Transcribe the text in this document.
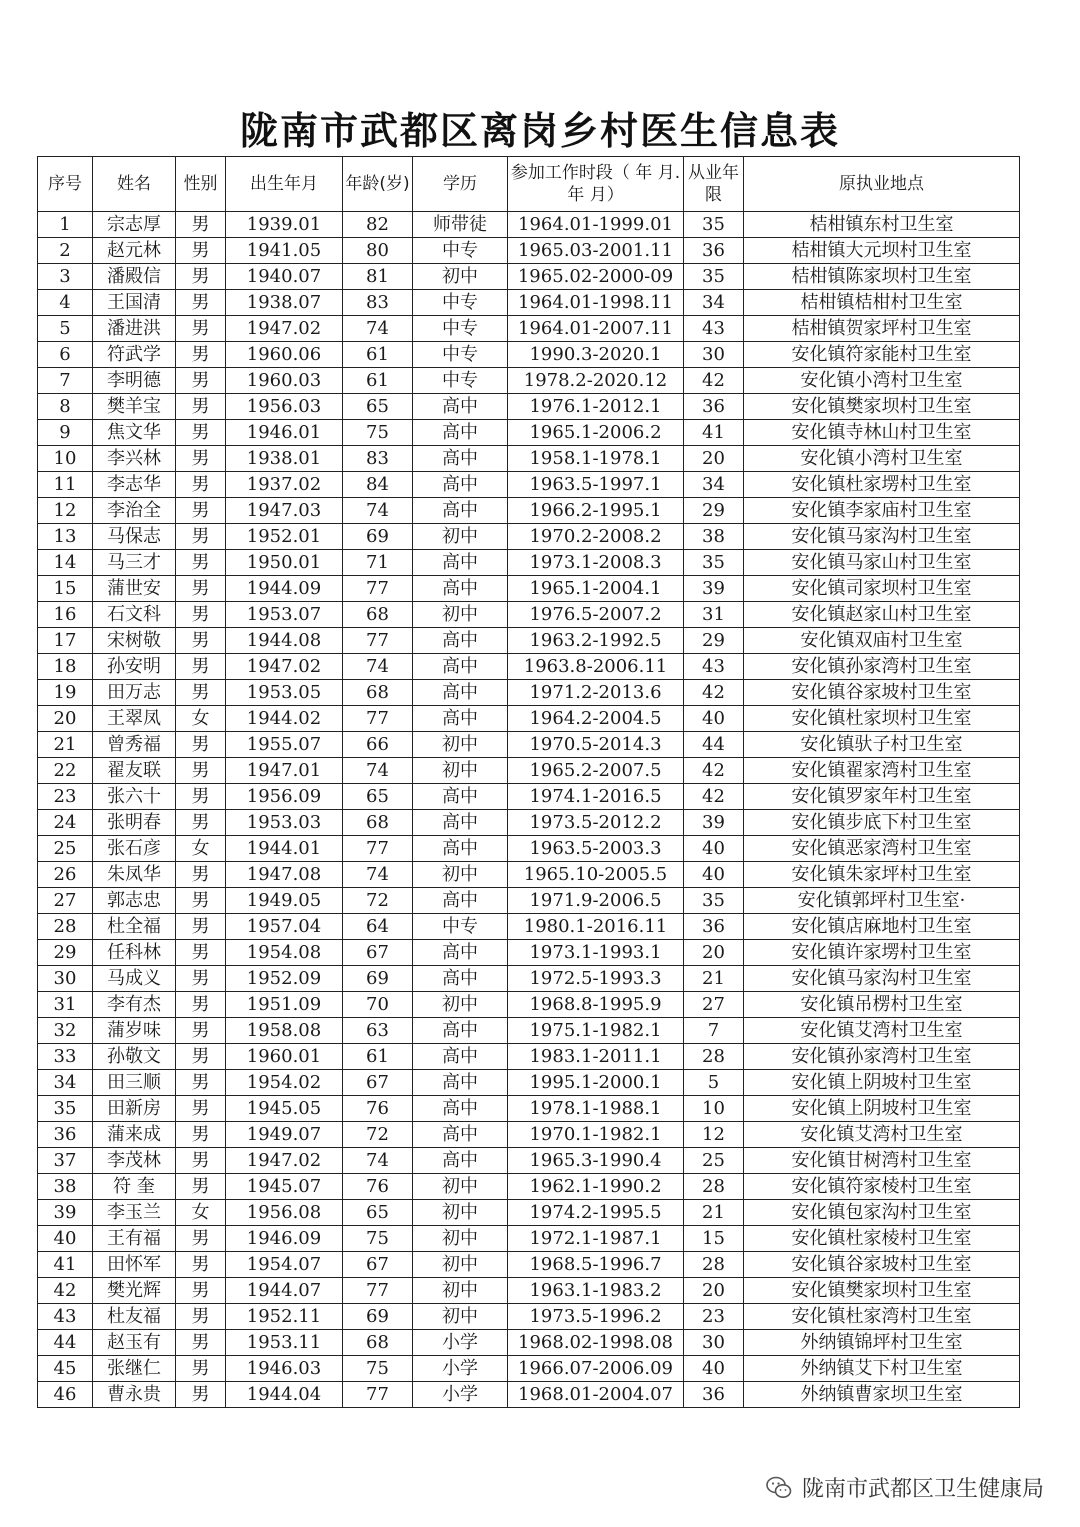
陇南市武都区离岗乡村医生信息表
序号	姓名	性别	出生年月	年龄(岁)	学历	参加工作时段（ 年 月.年 月）	从业年限	原执业地点
1	宗志厚	男	1939.01	82	师带徒	1964.01-1999.01	35	桔柑镇东村卫生室
2	赵元林	男	1941.05	80	中专	1965.03-2001.11	36	桔柑镇大元坝村卫生室
3	潘殿信	男	1940.07	81	初中	1965.02-2000-09	35	桔柑镇陈家坝村卫生室
4	王国清	男	1938.07	83	中专	1964.01-1998.11	34	桔柑镇桔柑村卫生室
5	潘进洪	男	1947.02	74	中专	1964.01-2007.11	43	桔柑镇贺家坪村卫生室
6	符武学	男	1960.06	61	中专	1990.3-2020.1	30	安化镇符家能村卫生室
7	李明德	男	1960.03	61	中专	1978.2-2020.12	42	安化镇小湾村卫生室
8	樊羊宝	男	1956.03	65	高中	1976.1-2012.1	36	安化镇樊家坝村卫生室
9	焦文华	男	1946.01	75	高中	1965.1-2006.2	41	安化镇寺林山村卫生室
10	李兴林	男	1938.01	83	高中	1958.1-1978.1	20	安化镇小湾村卫生室
11	李志华	男	1937.02	84	高中	1963.5-1997.1	34	安化镇杜家塄村卫生室
12	李治全	男	1947.03	74	高中	1966.2-1995.1	29	安化镇李家庙村卫生室
13	马保志	男	1952.01	69	初中	1970.2-2008.2	38	安化镇马家沟村卫生室
14	马三才	男	1950.01	71	高中	1973.1-2008.3	35	安化镇马家山村卫生室
15	蒲世安	男	1944.09	77	高中	1965.1-2004.1	39	安化镇司家坝村卫生室
16	石文科	男	1953.07	68	初中	1976.5-2007.2	31	安化镇赵家山村卫生室
17	宋树敬	男	1944.08	77	高中	1963.2-1992.5	29	安化镇双庙村卫生室
18	孙安明	男	1947.02	74	高中	1963.8-2006.11	43	安化镇孙家湾村卫生室
19	田万志	男	1953.05	68	高中	1971.2-2013.6	42	安化镇谷家坡村卫生室
20	王翠凤	女	1944.02	77	高中	1964.2-2004.5	40	安化镇杜家坝村卫生室
21	曾秀福	男	1955.07	66	初中	1970.5-2014.3	44	安化镇驮子村卫生室
22	翟友联	男	1947.01	74	初中	1965.2-2007.5	42	安化镇翟家湾村卫生室
23	张六十	男	1956.09	65	高中	1974.1-2016.5	42	安化镇罗家年村卫生室
24	张明春	男	1953.03	68	高中	1973.5-2012.2	39	安化镇步底下村卫生室
25	张石彦	女	1944.01	77	高中	1963.5-2003.3	40	安化镇恶家湾村卫生室
26	朱凤华	男	1947.08	74	初中	1965.10-2005.5	40	安化镇朱家坪村卫生室
27	郭志忠	男	1949.05	72	高中	1971.9-2006.5	35	安化镇郭坪村卫生室·
28	杜全福	男	1957.04	64	中专	1980.1-2016.11	36	安化镇店麻地村卫生室
29	任科林	男	1954.08	67	高中	1973.1-1993.1	20	安化镇许家塄村卫生室
30	马成义	男	1952.09	69	高中	1972.5-1993.3	21	安化镇马家沟村卫生室
31	李有杰	男	1951.09	70	初中	1968.8-1995.9	27	安化镇吊楞村卫生室
32	蒲岁味	男	1958.08	63	高中	1975.1-1982.1	7	安化镇艾湾村卫生室
33	孙敬文	男	1960.01	61	高中	1983.1-2011.1	28	安化镇孙家湾村卫生室
34	田三顺	男	1954.02	67	高中	1995.1-2000.1	5	安化镇上阴坡村卫生室
35	田新房	男	1945.05	76	高中	1978.1-1988.1	10	安化镇上阴坡村卫生室
36	蒲来成	男	1949.07	72	高中	1970.1-1982.1	12	安化镇艾湾村卫生室
37	李茂林	男	1947.02	74	高中	1965.3-1990.4	25	安化镇甘树湾村卫生室
38	符 奎	男	1945.07	76	初中	1962.1-1990.2	28	安化镇符家棱村卫生室
39	李玉兰	女	1956.08	65	初中	1974.2-1995.5	21	安化镇包家沟村卫生室
40	王有福	男	1946.09	75	初中	1972.1-1987.1	15	安化镇杜家棱村卫生室
41	田怀军	男	1954.07	67	初中	1968.5-1996.7	28	安化镇谷家坡村卫生室
42	樊光辉	男	1944.07	77	初中	1963.1-1983.2	20	安化镇樊家坝村卫生室
43	杜友福	男	1952.11	69	初中	1973.5-1996.2	23	安化镇杜家湾村卫生室
44	赵玉有	男	1953.11	68	小学	1968.02-1998.08	30	外纳镇锦坪村卫生室
45	张继仁	男	1946.03	75	小学	1966.07-2006.09	40	外纳镇艾下村卫生室
46	曹永贵	男	1944.04	77	小学	1968.01-2004.07	36	外纳镇曹家坝卫生室
陇南市武都区卫生健康局
